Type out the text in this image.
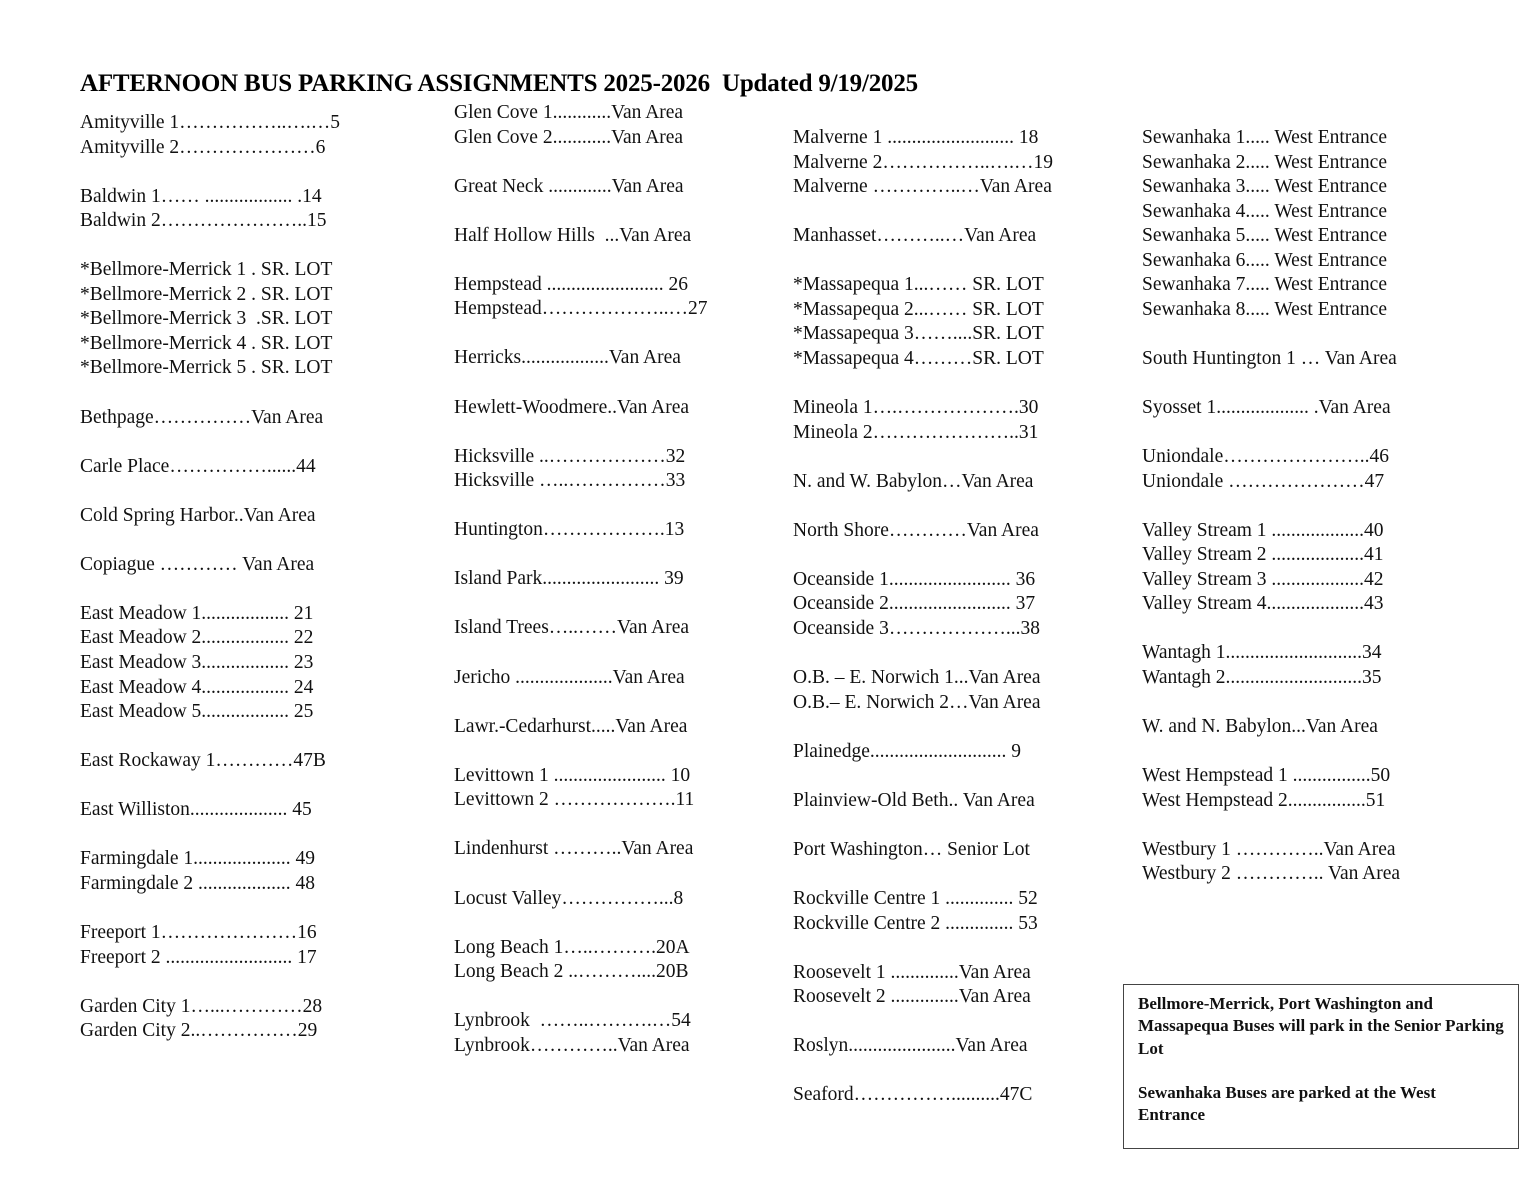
AFTERNOON BUS PARKING ASSIGNMENTS 2025-2026  Updated 9/19/2025
Amityville 1……………..….…5
Amityville 2…………………6
Baldwin 1…… .................. .14
Baldwin 2…………………..15
*Bellmore-Merrick 1 . SR. LOT
*Bellmore-Merrick 2 . SR. LOT
*Bellmore-Merrick 3  .SR. LOT
*Bellmore-Merrick 4 . SR. LOT
*Bellmore-Merrick 5 . SR. LOT
Bethpage……………Van Area
Carle Place……………......44
Cold Spring Harbor..Van Area
Copiague ………… Van Area
East Meadow 1.................. 21
East Meadow 2.................. 22
East Meadow 3.................. 23
East Meadow 4.................. 24
East Meadow 5.................. 25
East Rockaway 1…………47B
East Williston.................... 45
Farmingdale 1.................... 49
Farmingdale 2 ................... 48
Freeport 1…………………16
Freeport 2 .......................... 17
Garden City 1…...…………28
Garden City 2..……………29
Glen Cove 1............Van Area
Glen Cove 2............Van Area
Great Neck .............Van Area
Half Hollow Hills  ...Van Area
Hempstead ........................ 26
Hempstead………………..…27
Herricks..................Van Area
Hewlett-Woodmere..Van Area
Hicksville ..………………32
Hicksville …..……………33
Huntington……………….13
Island Park........................ 39
Island Trees…..……Van Area
Jericho ....................Van Area
Lawr.-Cedarhurst.....Van Area
Levittown 1 ....................... 10
Levittown 2 ……………….11
Lindenhurst ………..Van Area
Locust Valley……………...8
Long Beach 1…..……….20A
Long Beach 2 ..………....20B
Lynbrook  ……..……….…54
Lynbrook…………..Van Area
Malverne 1 .......................... 18
Malverne 2……………..….…19
Malverne …………..…Van Area
Manhasset………..…Van Area
*Massapequa 1...…… SR. LOT
*Massapequa 2...…… SR. LOT
*Massapequa 3……....SR. LOT
*Massapequa 4………SR. LOT
Mineola 1….……………….30
Mineola 2…………………..31
N. and W. Babylon…Van Area
North Shore…………Van Area
Oceanside 1......................... 36
Oceanside 2......................... 37
Oceanside 3………………...38
O.B. – E. Norwich 1...Van Area
O.B.– E. Norwich 2…Van Area
Plainedge............................ 9
Plainview-Old Beth.. Van Area
Port Washington… Senior Lot
Rockville Centre 1 .............. 52
Rockville Centre 2 .............. 53
Roosevelt 1 ..............Van Area
Roosevelt 2 ..............Van Area
Roslyn......................Van Area
Seaford……………..........47C
Sewanhaka 1..... West Entrance
Sewanhaka 2..... West Entrance
Sewanhaka 3..... West Entrance
Sewanhaka 4..... West Entrance
Sewanhaka 5..... West Entrance
Sewanhaka 6..... West Entrance
Sewanhaka 7..... West Entrance
Sewanhaka 8..... West Entrance
South Huntington 1 … Van Area
Syosset 1................... .Van Area
Uniondale…………………..46
Uniondale …………………47
Valley Stream 1 ...................40
Valley Stream 2 ...................41
Valley Stream 3 ...................42
Valley Stream 4....................43
Wantagh 1............................34
Wantagh 2............................35
W. and N. Babylon...Van Area
West Hempstead 1 ................50
West Hempstead 2................51
Westbury 1 …………..Van Area
Westbury 2 ………….. Van Area

Bellmore-Merrick, Port Washington and Massapequa Buses will park in the Senior Parking Lot

Sewanhaka Buses are parked at the West Entrance
